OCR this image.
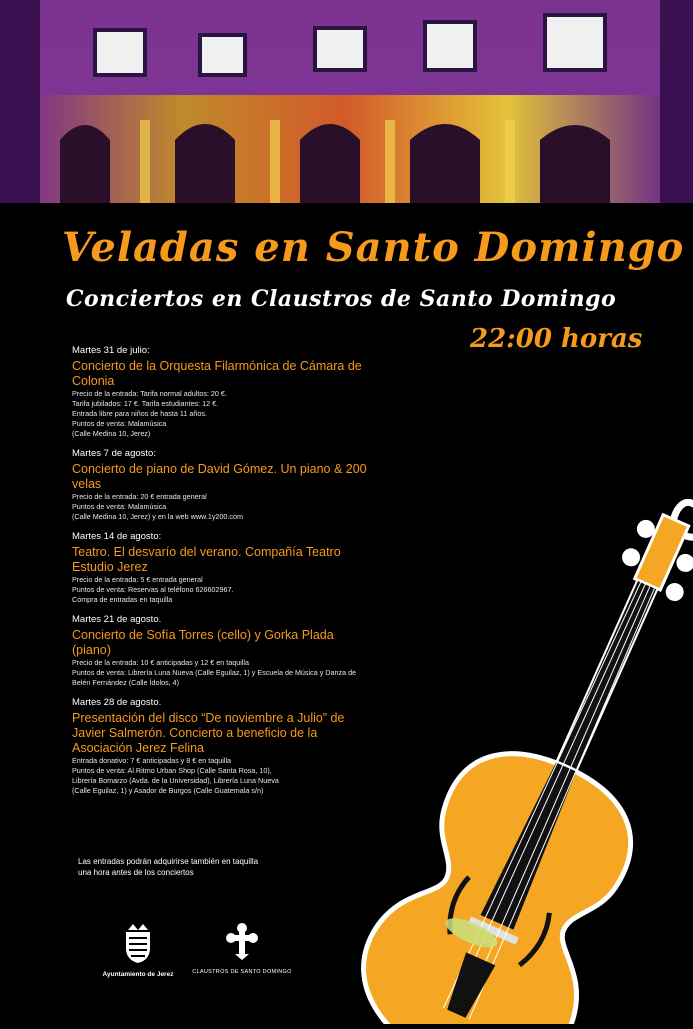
Veladas en Santo Domingo
Conciertos en Claustros de Santo Domingo
22:00 horas
Martes 31 de julio:
Concierto de la Orquesta Filarmónica de Cámara de Colonia
Precio de la entrada: Tarifa normal adultos: 20 €.
Tarifa jubilados: 17 €. Tarifa estudiantes: 12 €.
Entrada libre para niños de hasta 11 años.
Puntos de venta: Malamúsica
(Calle Medina 10, Jerez)
Martes 7 de agosto:
Concierto de piano de David Gómez. Un piano & 200 velas
Precio de la entrada: 20 € entrada general
Puntos de venta: Malamúsica
(Calle Medina 10, Jerez) y en la web www.1y200.com
Martes 14 de agosto:
Teatro. El desvarío del verano. Compañía Teatro Estudio Jerez
Precio de la entrada: 5 € entrada general
Puntos de venta: Reservas al teléfono 626602967.
Compra de entradas en taquilla
Martes 21 de agosto.
Concierto de Sofía Torres (cello) y Gorka Plada (piano)
Precio de la entrada: 10 € anticipadas y 12 € en taquilla
Puntos de venta: Librería Luna Nueva (Calle Eguilaz, 1) y Escuela de Música y Danza de Belén Fernández (Calle Ídolos, 4)
Martes 28 de agosto.
Presentación del disco “De noviembre a Julio” de Javier Salmerón. Concierto a beneficio de la Asociación Jerez Felina
Entrada donativo: 7 € anticipadas y 8 € en taquilla
Puntos de venta: Al Ritmo Urban Shop (Calle Santa Rosa, 10),
Librería Bomarzo (Avda. de la Universidad), Librería Luna Nueva
(Calle Eguilaz, 1) y Asador de Burgos (Calle Guatemala s/n)
Las entradas podrán adquirirse también en taquilla
una hora antes de los conciertos
Ayuntamiento de Jerez	CLAUSTROS DE SANTO DOMINGO
